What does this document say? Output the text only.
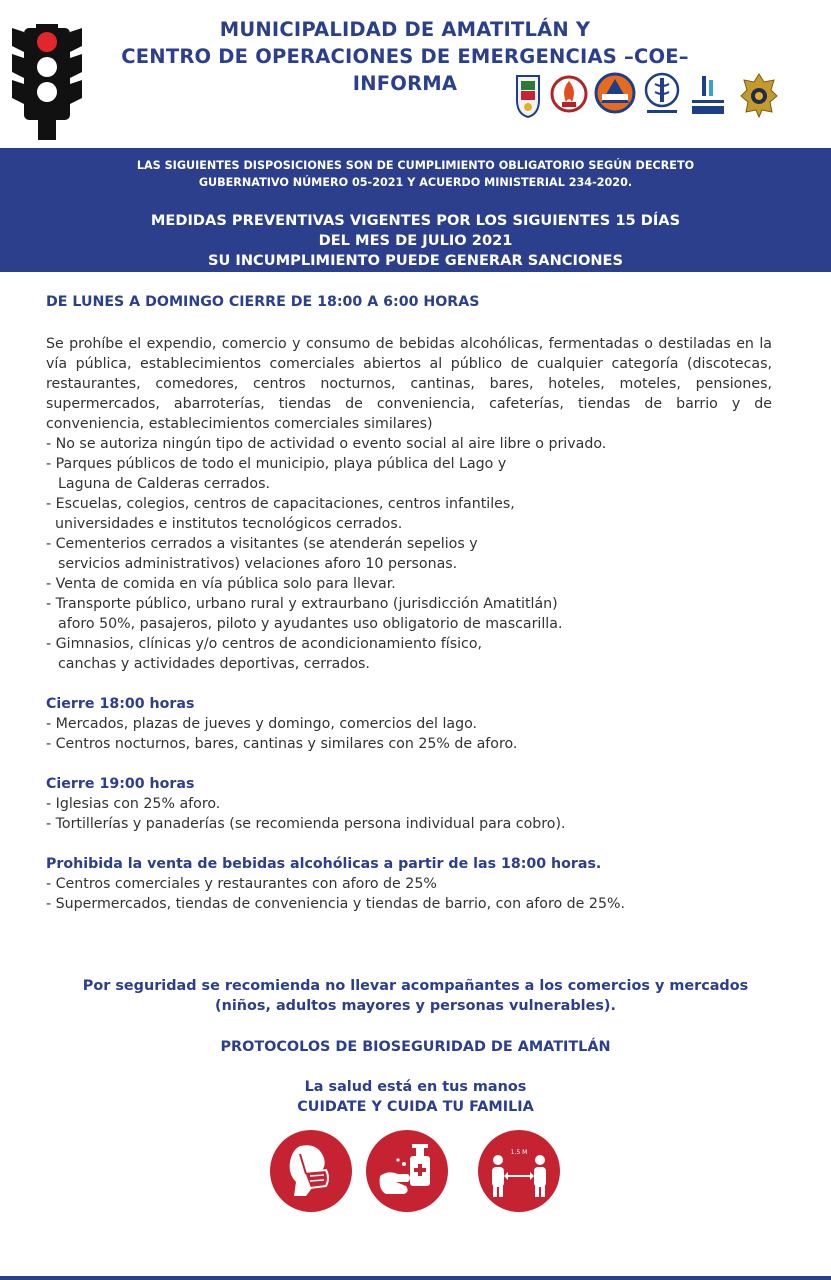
MUNICIPALIDAD DE AMATITLÁN Y
CENTRO DE OPERACIONES DE EMERGENCIAS –COE–
INFORMA
LAS SIGUIENTES DISPOSICIONES SON DE CUMPLIMIENTO OBLIGATORIO SEGÚN DECRETO
GUBERNATIVO NÚMERO 05-2021 Y ACUERDO MINISTERIAL 234-2020.
MEDIDAS PREVENTIVAS VIGENTES POR LOS SIGUIENTES 15 DÍAS
DEL MES DE JULIO 2021
SU INCUMPLIMIENTO PUEDE GENERAR SANCIONES
DE LUNES A DOMINGO CIERRE DE 18:00 A 6:00 HORAS
Se prohíbe el expendio, comercio y consumo de bebidas alcohólicas, fermentadas o destiladas en la vía pública, establecimientos comerciales abiertos al público de cualquier categoría (discotecas, restaurantes, comedores, centros nocturnos, cantinas, bares, hoteles, moteles, pensiones, supermercados, abarroterías, tiendas de conveniencia, cafeterías, tiendas de barrio y de conveniencia, establecimientos comerciales similares)
- No se autoriza ningún tipo de actividad o evento social al aire libre o privado.
- Parques públicos de todo el municipio, playa pública del Lago y
Laguna de Calderas cerrados.
- Escuelas, colegios, centros de capacitaciones, centros infantiles,
universidades e institutos tecnológicos cerrados.
- Cementerios cerrados a visitantes (se atenderán sepelios y
servicios administrativos) velaciones aforo 10 personas.
- Venta de comida en vía pública solo para llevar.
- Transporte público, urbano rural y extraurbano (jurisdicción Amatitlán)
aforo 50%, pasajeros, piloto y ayudantes uso obligatorio de mascarilla.
- Gimnasios, clínicas y/o centros de acondicionamiento físico,
canchas y actividades deportivas, cerrados.
Cierre 18:00 horas
- Mercados, plazas de jueves y domingo, comercios del lago.
- Centros nocturnos, bares, cantinas y similares con 25% de aforo.
Cierre 19:00 horas
- Iglesias con 25% aforo.
- Tortillerías y panaderías (se recomienda persona individual para cobro).
Prohibida la venta de bebidas alcohólicas a partir de las 18:00 horas.
- Centros comerciales y restaurantes con aforo de 25%
- Supermercados, tiendas de conveniencia y tiendas de barrio, con aforo de 25%.
Por seguridad se recomienda no llevar acompañantes a los comercios y mercados
(niños, adultos mayores y personas vulnerables).
PROTOCOLOS DE BIOSEGURIDAD DE AMATITLÁN
La salud está en tus manos
CUIDATE Y CUIDA TU FAMILIA
1.5 M
